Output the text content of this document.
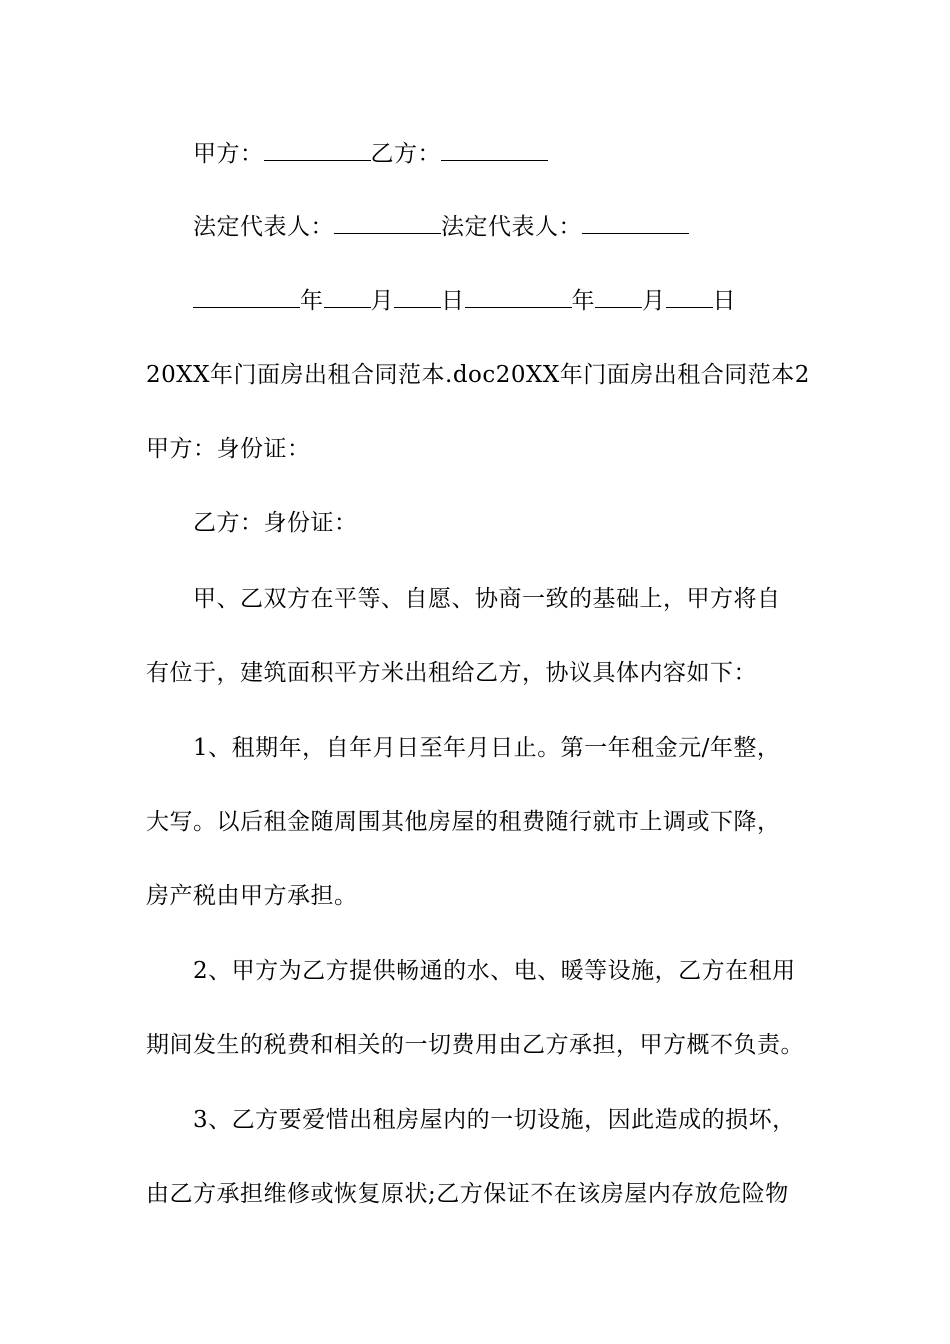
甲方：	乙方：
法定代表人：	法定代表人：
年 月 日	年 月 日
20XX年门面房出租合同范本.doc20XX年门面房出租合同范本2
甲方：身份证：
乙方：身份证：
甲、乙双方在平等、自愿、协商一致的基础上，甲方将自
有位于，建筑面积平方米出租给乙方，协议具体内容如下：
1、租期年，自年月日至年月日止。第一年租金元/年整，
大写。以后租金随周围其他房屋的租费随行就市上调或下降，
房产税由甲方承担。
2、甲方为乙方提供畅通的水、电、暖等设施，乙方在租用
期间发生的税费和相关的一切费用由乙方承担，甲方概不负责。
3、乙方要爱惜出租房屋内的一切设施，因此造成的损坏，
由乙方承担维修或恢复原状;乙方保证不在该房屋内存放危险物
